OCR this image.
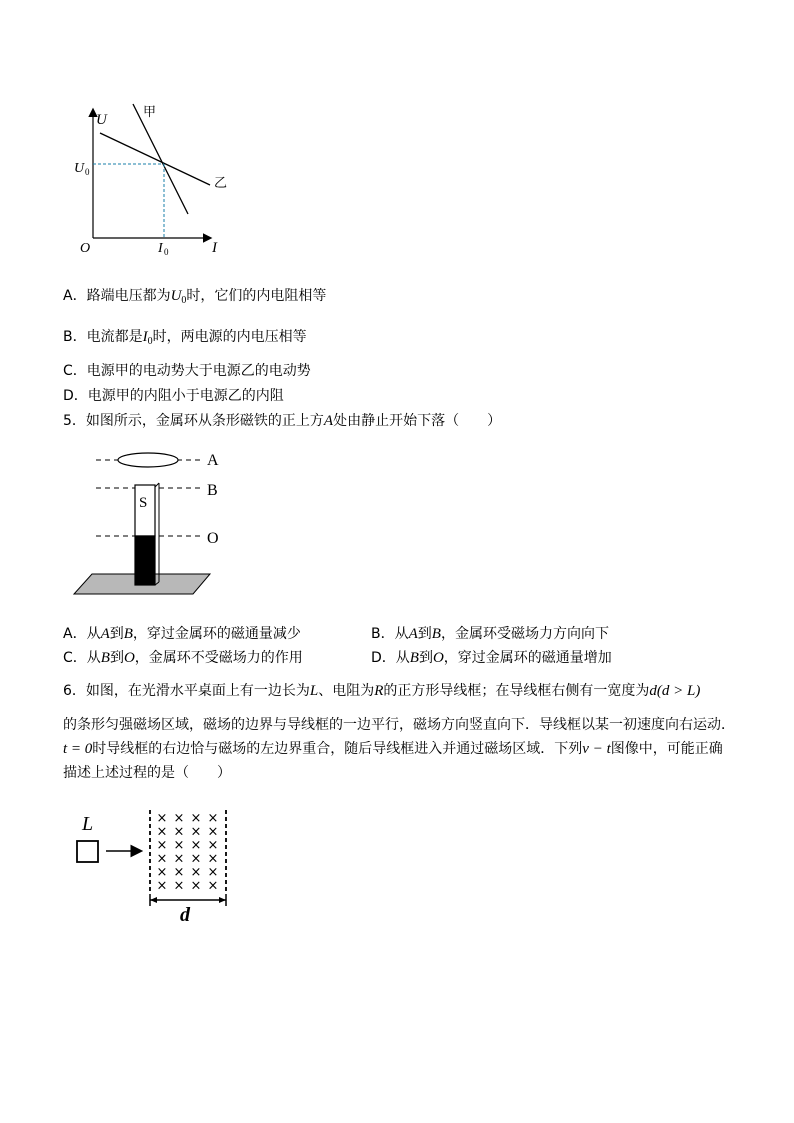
U
I
O
U 0
I 0
甲
乙
A．路端电压都为$U_0$时，它们的内电阻相等
B．电流都是$I_0$时，两电源的内电压相等
C．电源甲的电动势大于电源乙的电动势
D．电源甲的内阻小于电源乙的内阻
5．如图所示，金属环从条形磁铁的正上方A处由静止开始下落（　　）
S
A
B
O
A．从A到B，穿过金属环的磁通量减少	B．从A到B，金属环受磁场力方向向下
C．从B到O，金属环不受磁场力的作用	D．从B到O，穿过金属环的磁通量增加
6．如图，在光滑水平桌面上有一边长为L、电阻为R的正方形导线框；在导线框右侧有一宽度为d(d > L)
的条形匀强磁场区域，磁场的边界与导线框的一边平行，磁场方向竖直向下．导线框以某一初速度向右运动．
t = 0时导线框的右边恰与磁场的左边界重合，随后导线框进入并通过磁场区域．下列v − t图像中，可能正确
描述上述过程的是（　　）
L	× × × ×
× × × ×
× × × ×
× × × ×
× × × ×
× × × ×
d
